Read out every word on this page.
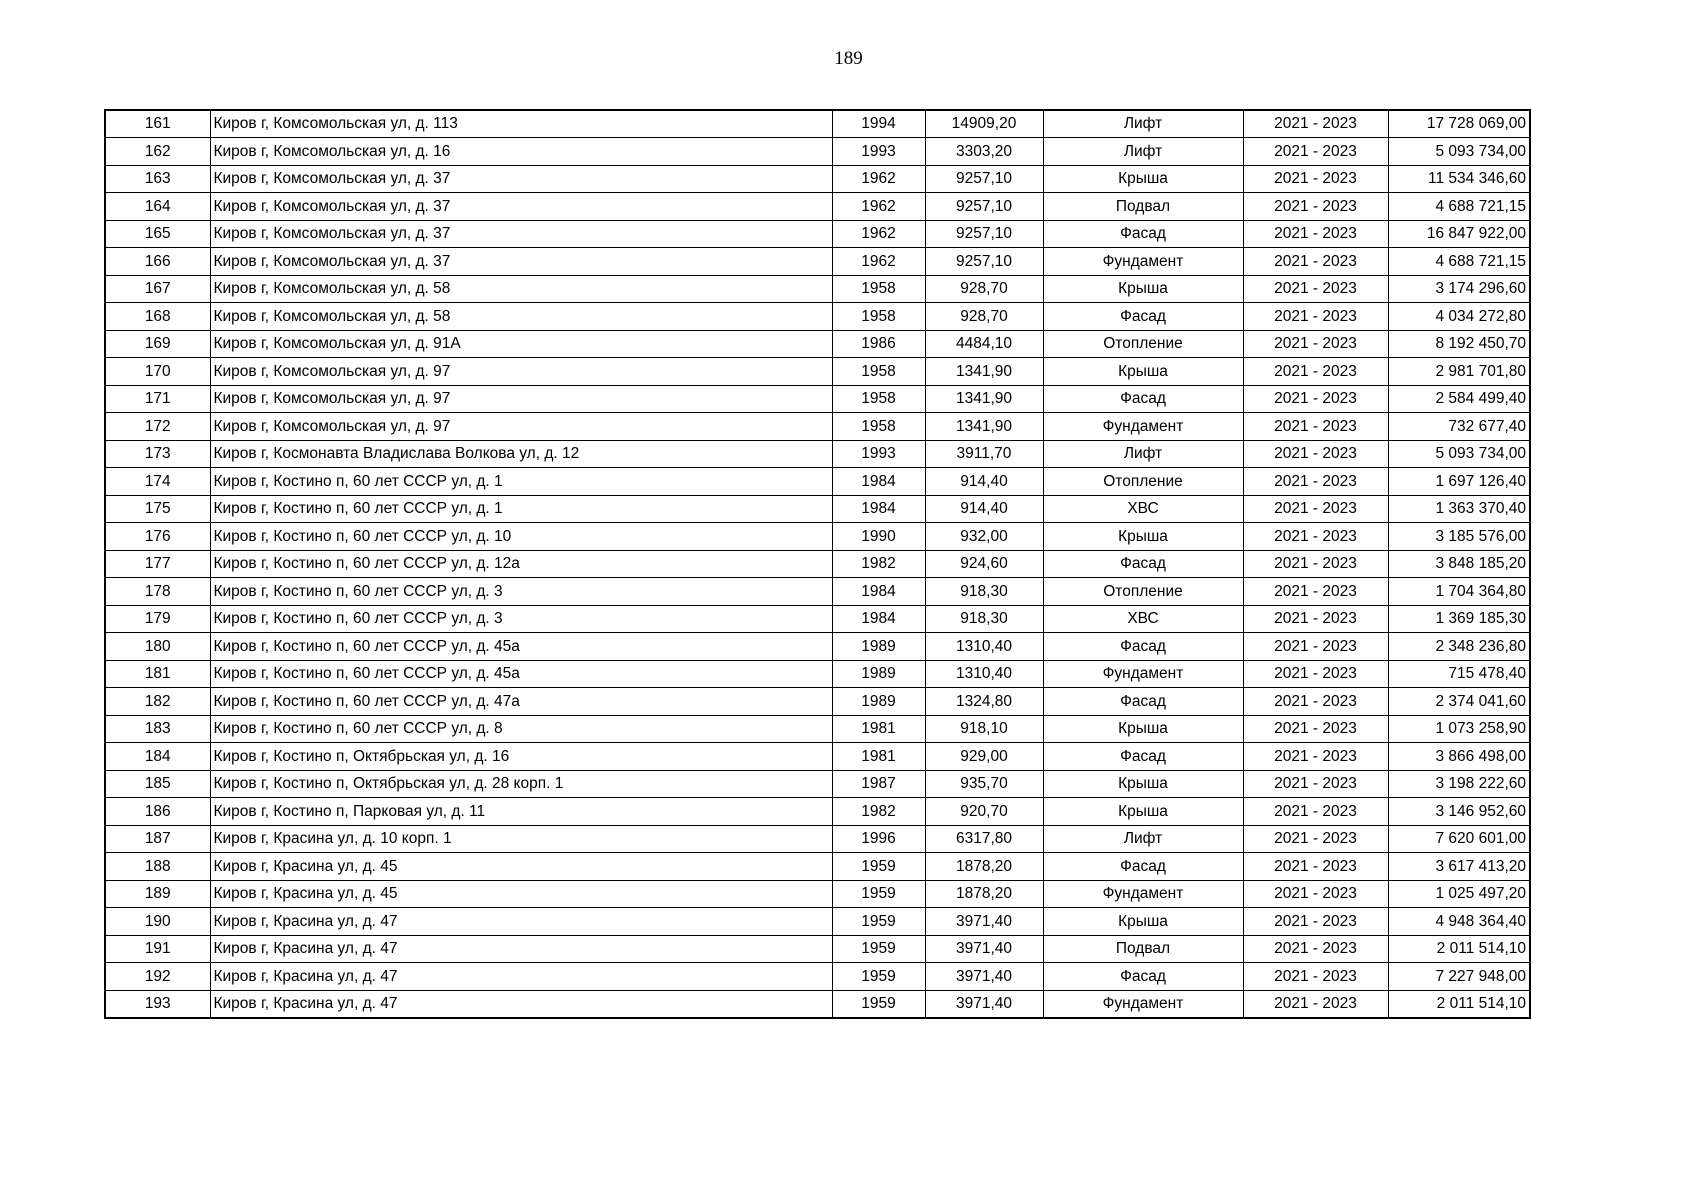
189
161	Киров г, Комсомольская ул, д. 113	1994	14909,20	Лифт	2021 - 2023	17 728 069,00
162	Киров г, Комсомольская ул, д. 16	1993	3303,20	Лифт	2021 - 2023	5 093 734,00
163	Киров г, Комсомольская ул, д. 37	1962	9257,10	Крыша	2021 - 2023	11 534 346,60
164	Киров г, Комсомольская ул, д. 37	1962	9257,10	Подвал	2021 - 2023	4 688 721,15
165	Киров г, Комсомольская ул, д. 37	1962	9257,10	Фасад	2021 - 2023	16 847 922,00
166	Киров г, Комсомольская ул, д. 37	1962	9257,10	Фундамент	2021 - 2023	4 688 721,15
167	Киров г, Комсомольская ул, д. 58	1958	928,70	Крыша	2021 - 2023	3 174 296,60
168	Киров г, Комсомольская ул, д. 58	1958	928,70	Фасад	2021 - 2023	4 034 272,80
169	Киров г, Комсомольская ул, д. 91А	1986	4484,10	Отопление	2021 - 2023	8 192 450,70
170	Киров г, Комсомольская ул, д. 97	1958	1341,90	Крыша	2021 - 2023	2 981 701,80
171	Киров г, Комсомольская ул, д. 97	1958	1341,90	Фасад	2021 - 2023	2 584 499,40
172	Киров г, Комсомольская ул, д. 97	1958	1341,90	Фундамент	2021 - 2023	732 677,40
173	Киров г, Космонавта Владислава Волкова ул, д. 12	1993	3911,70	Лифт	2021 - 2023	5 093 734,00
174	Киров г, Костино п, 60 лет СССР ул, д. 1	1984	914,40	Отопление	2021 - 2023	1 697 126,40
175	Киров г, Костино п, 60 лет СССР ул, д. 1	1984	914,40	ХВС	2021 - 2023	1 363 370,40
176	Киров г, Костино п, 60 лет СССР ул, д. 10	1990	932,00	Крыша	2021 - 2023	3 185 576,00
177	Киров г, Костино п, 60 лет СССР ул, д. 12а	1982	924,60	Фасад	2021 - 2023	3 848 185,20
178	Киров г, Костино п, 60 лет СССР ул, д. 3	1984	918,30	Отопление	2021 - 2023	1 704 364,80
179	Киров г, Костино п, 60 лет СССР ул, д. 3	1984	918,30	ХВС	2021 - 2023	1 369 185,30
180	Киров г, Костино п, 60 лет СССР ул, д. 45а	1989	1310,40	Фасад	2021 - 2023	2 348 236,80
181	Киров г, Костино п, 60 лет СССР ул, д. 45а	1989	1310,40	Фундамент	2021 - 2023	715 478,40
182	Киров г, Костино п, 60 лет СССР ул, д. 47а	1989	1324,80	Фасад	2021 - 2023	2 374 041,60
183	Киров г, Костино п, 60 лет СССР ул, д. 8	1981	918,10	Крыша	2021 - 2023	1 073 258,90
184	Киров г, Костино п, Октябрьская ул, д. 16	1981	929,00	Фасад	2021 - 2023	3 866 498,00
185	Киров г, Костино п, Октябрьская ул, д. 28 корп. 1	1987	935,70	Крыша	2021 - 2023	3 198 222,60
186	Киров г, Костино п, Парковая ул, д. 11	1982	920,70	Крыша	2021 - 2023	3 146 952,60
187	Киров г, Красина ул, д. 10 корп. 1	1996	6317,80	Лифт	2021 - 2023	7 620 601,00
188	Киров г, Красина ул, д. 45	1959	1878,20	Фасад	2021 - 2023	3 617 413,20
189	Киров г, Красина ул, д. 45	1959	1878,20	Фундамент	2021 - 2023	1 025 497,20
190	Киров г, Красина ул, д. 47	1959	3971,40	Крыша	2021 - 2023	4 948 364,40
191	Киров г, Красина ул, д. 47	1959	3971,40	Подвал	2021 - 2023	2 011 514,10
192	Киров г, Красина ул, д. 47	1959	3971,40	Фасад	2021 - 2023	7 227 948,00
193	Киров г, Красина ул, д. 47	1959	3971,40	Фундамент	2021 - 2023	2 011 514,10
